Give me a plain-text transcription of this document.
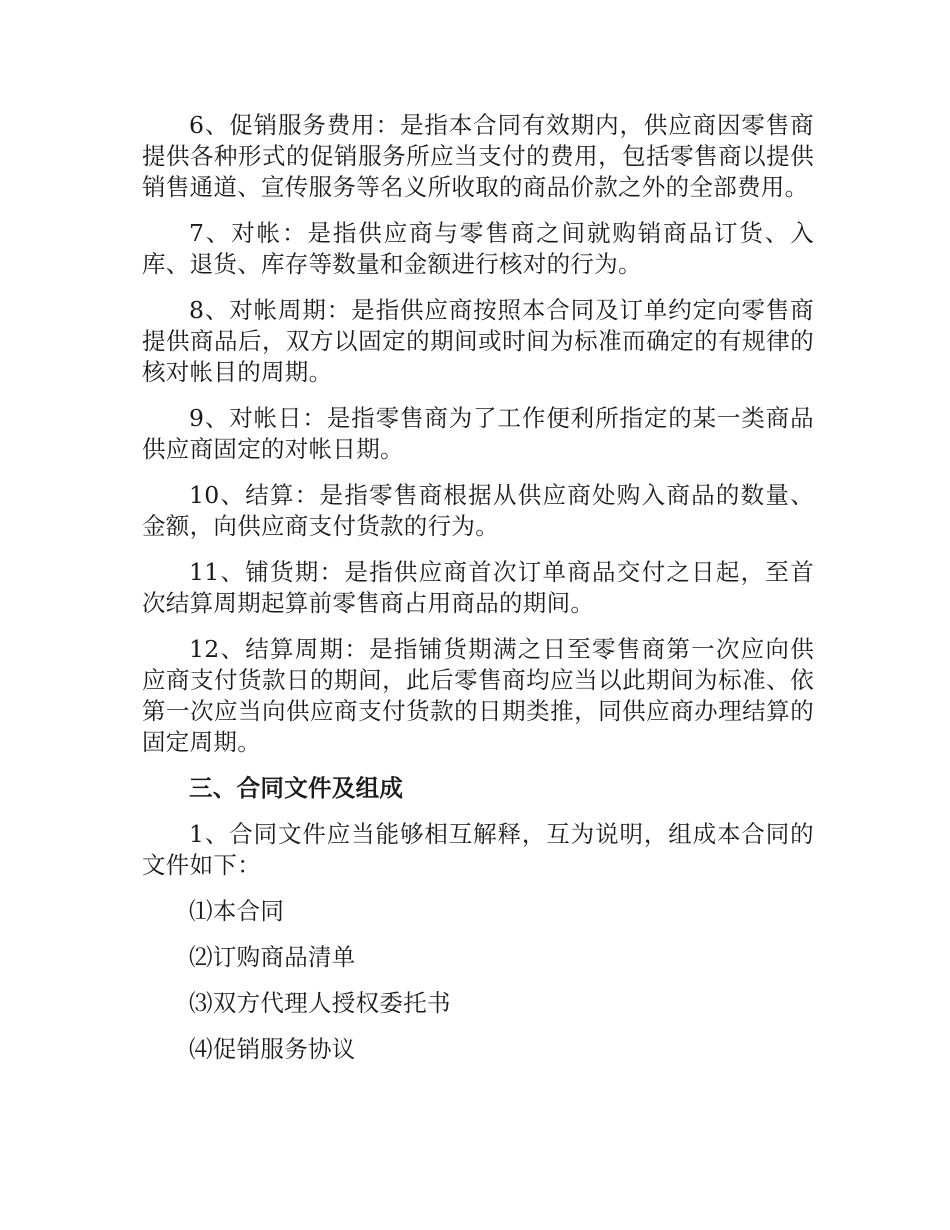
6、促销服务费用：是指本合同有效期内，供应商因零售商提供各种形式的促销服务所应当支付的费用，包括零售商以提供销售通道、宣传服务等名义所收取的商品价款之外的全部费用。

7、对帐：是指供应商与零售商之间就购销商品订货、入库、退货、库存等数量和金额进行核对的行为。

8、对帐周期：是指供应商按照本合同及订单约定向零售商提供商品后，双方以固定的期间或时间为标准而确定的有规律的核对帐目的周期。

9、对帐日：是指零售商为了工作便利所指定的某一类商品供应商固定的对帐日期。

10、结算：是指零售商根据从供应商处购入商品的数量、金额，向供应商支付货款的行为。

11、铺货期：是指供应商首次订单商品交付之日起，至首次结算周期起算前零售商占用商品的期间。

12、结算周期：是指铺货期满之日至零售商第一次应向供应商支付货款日的期间，此后零售商均应当以此期间为标准、依第一次应当向供应商支付货款的日期类推，同供应商办理结算的固定周期。

三、合同文件及组成

1、合同文件应当能够相互解释，互为说明，组成本合同的文件如下：

⑴本合同

⑵订购商品清单

⑶双方代理人授权委托书

⑷促销服务协议
